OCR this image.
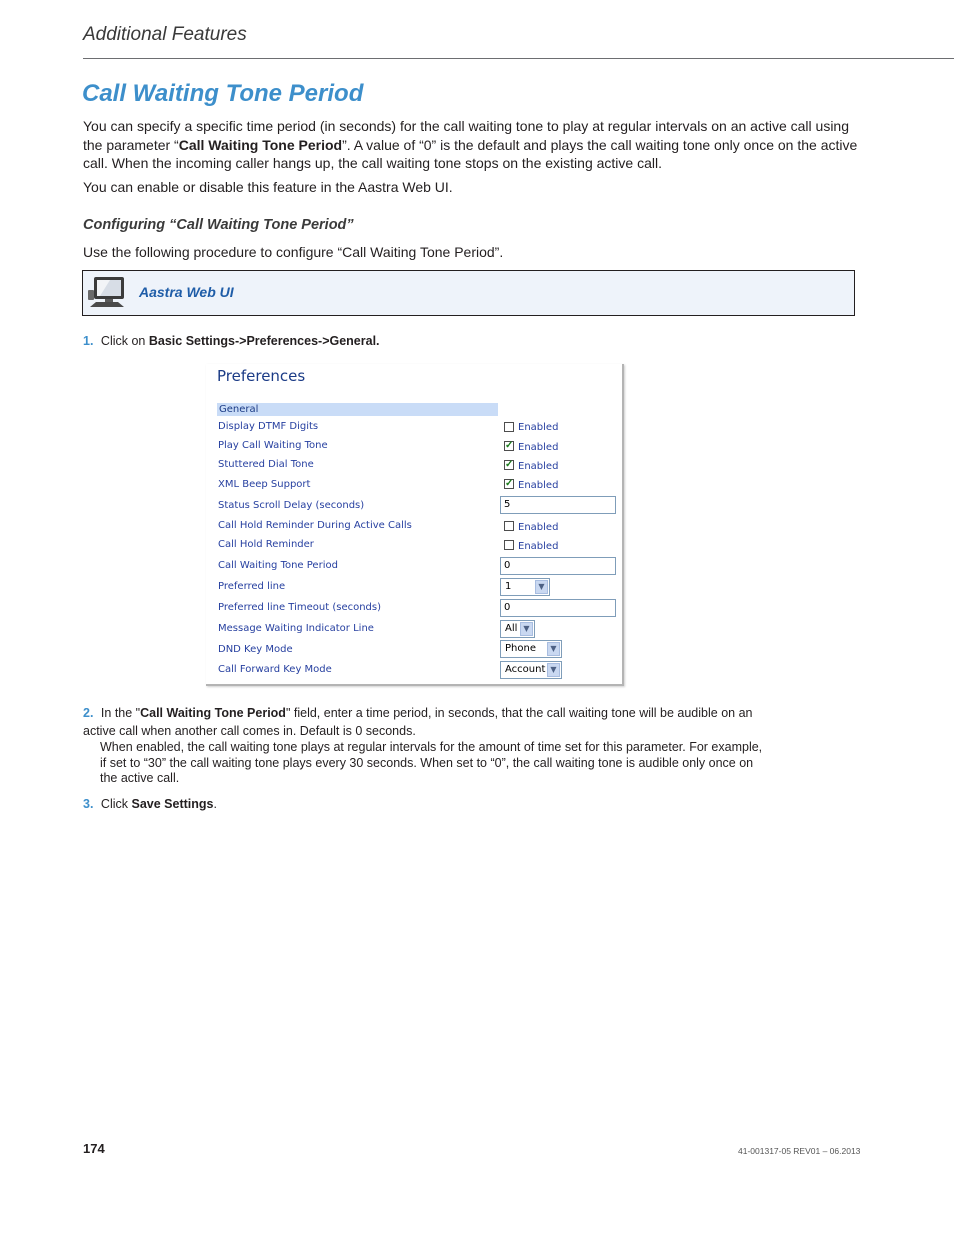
Additional Features
Call Waiting Tone Period
You can specify a specific time period (in seconds) for the call waiting tone to play at regular intervals on an active call using the parameter “Call Waiting Tone Period”. A value of “0” is the default and plays the call waiting tone only once on the active call. When the incoming caller hangs up, the call waiting tone stops on the existing active call.
You can enable or disable this feature in the Aastra Web UI.
Configuring “Call Waiting Tone Period”
Use the following procedure to configure “Call Waiting Tone Period”.
Aastra Web UI
1. Click on Basic Settings->Preferences->General.
Preferences
General
Display DTMF Digits	Enabled
Play Call Waiting Tone	✓ Enabled
Stuttered Dial Tone	✓ Enabled
XML Beep Support	✓ Enabled
Status Scroll Delay (seconds)	5
Call Hold Reminder During Active Calls	Enabled
Call Hold Reminder	Enabled
Call Waiting Tone Period	0
Preferred line	1	▼
Preferred line Timeout (seconds)	0
Message Waiting Indicator Line	All ▼
DND Key Mode	Phone	▼
Call Forward Key Mode	Account ▼
2. In the "Call Waiting Tone Period" field, enter a time period, in seconds, that the call waiting tone will be audible on an active call when another call comes in. Default is 0 seconds.
When enabled, the call waiting tone plays at regular intervals for the amount of time set for this parameter. For example, if set to “30” the call waiting tone plays every 30 seconds. When set to “0”, the call waiting tone is audible only once on the active call.
3. Click Save Settings.
174	41-001317-05 REV01 – 06.2013
